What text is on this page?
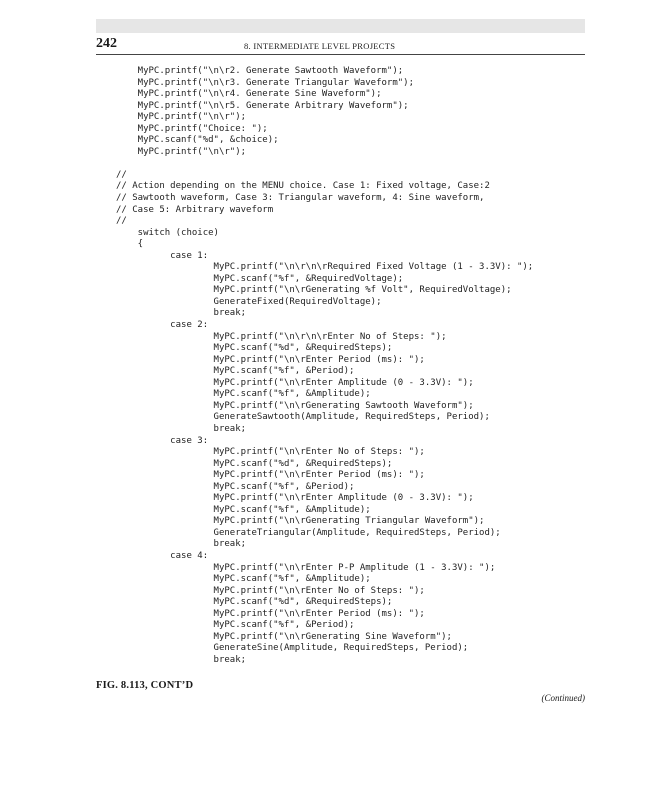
242	8. INTERMEDIATE LEVEL PROJECTS
MyPC.printf("\n\r2. Generate Sawtooth Waveform");
MyPC.printf("\n\r3. Generate Triangular Waveform");
MyPC.printf("\n\r4. Generate Sine Waveform");
MyPC.printf("\n\r5. Generate Arbitrary Waveform");
MyPC.printf("\n\r");
MyPC.printf("Choice: ");
MyPC.scanf("%d", &choice);
MyPC.printf("\n\r");
//
// Action depending on the MENU choice. Case 1: Fixed voltage, Case:2
// Sawtooth waveform, Case 3: Triangular waveform, 4: Sine waveform,
// Case 5: Arbitrary waveform
//
switch (choice)
{
case 1:
MyPC.printf("\n\r\n\rRequired Fixed Voltage (1 - 3.3V): ");
MyPC.scanf("%f", &RequiredVoltage);
MyPC.printf("\n\rGenerating %f Volt", RequiredVoltage);
GenerateFixed(RequiredVoltage);
break;
case 2:
MyPC.printf("\n\r\n\rEnter No of Steps: ");
MyPC.scanf("%d", &RequiredSteps);
MyPC.printf("\n\rEnter Period (ms): ");
MyPC.scanf("%f", &Period);
MyPC.printf("\n\rEnter Amplitude (0 - 3.3V): ");
MyPC.scanf("%f", &Amplitude);
MyPC.printf("\n\rGenerating Sawtooth Waveform");
GenerateSawtooth(Amplitude, RequiredSteps, Period);
break;
case 3:
MyPC.printf("\n\rEnter No of Steps: ");
MyPC.scanf("%d", &RequiredSteps);
MyPC.printf("\n\rEnter Period (ms): ");
MyPC.scanf("%f", &Period);
MyPC.printf("\n\rEnter Amplitude (0 - 3.3V): ");
MyPC.scanf("%f", &Amplitude);
MyPC.printf("\n\rGenerating Triangular Waveform");
GenerateTriangular(Amplitude, RequiredSteps, Period);
break;
case 4:
MyPC.printf("\n\rEnter P-P Amplitude (1 - 3.3V): ");
MyPC.scanf("%f", &Amplitude);
MyPC.printf("\n\rEnter No of Steps: ");
MyPC.scanf("%d", &RequiredSteps);
MyPC.printf("\n\rEnter Period (ms): ");
MyPC.scanf("%f", &Period);
MyPC.printf("\n\rGenerating Sine Waveform");
GenerateSine(Amplitude, RequiredSteps, Period);
break;
FIG. 8.113, CONT’D
(Continued)
